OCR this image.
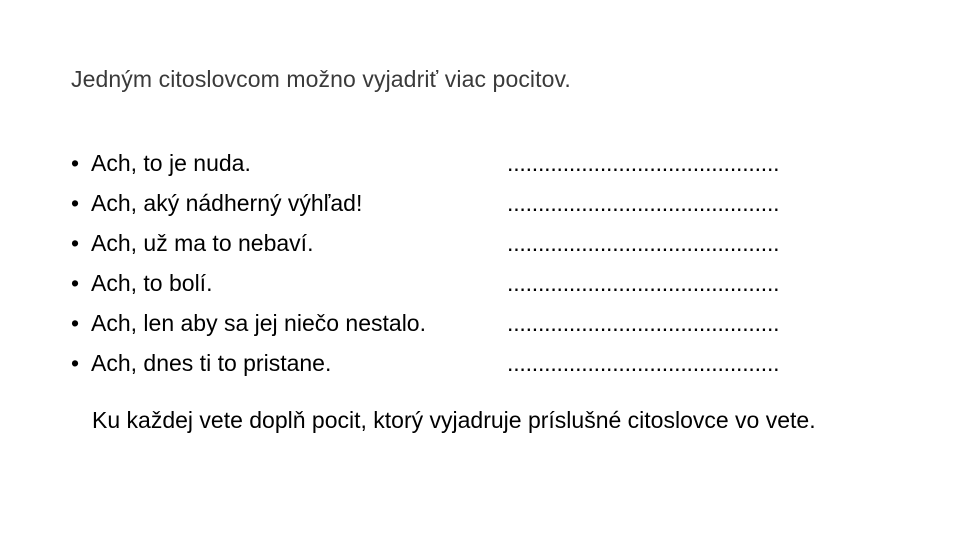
Jedným citoslovcom možno vyjadriť viac pocitov.
• Ach, to je nuda.
• Ach, aký nádherný výhľad!
• Ach, už ma to nebaví.
• Ach, to bolí.
• Ach, len aby sa jej niečo nestalo.
• Ach, dnes ti to pristane.
............................................
............................................
............................................
............................................
............................................
............................................
Ku každej vete doplň pocit, ktorý vyjadruje príslušné citoslovce vo vete.
